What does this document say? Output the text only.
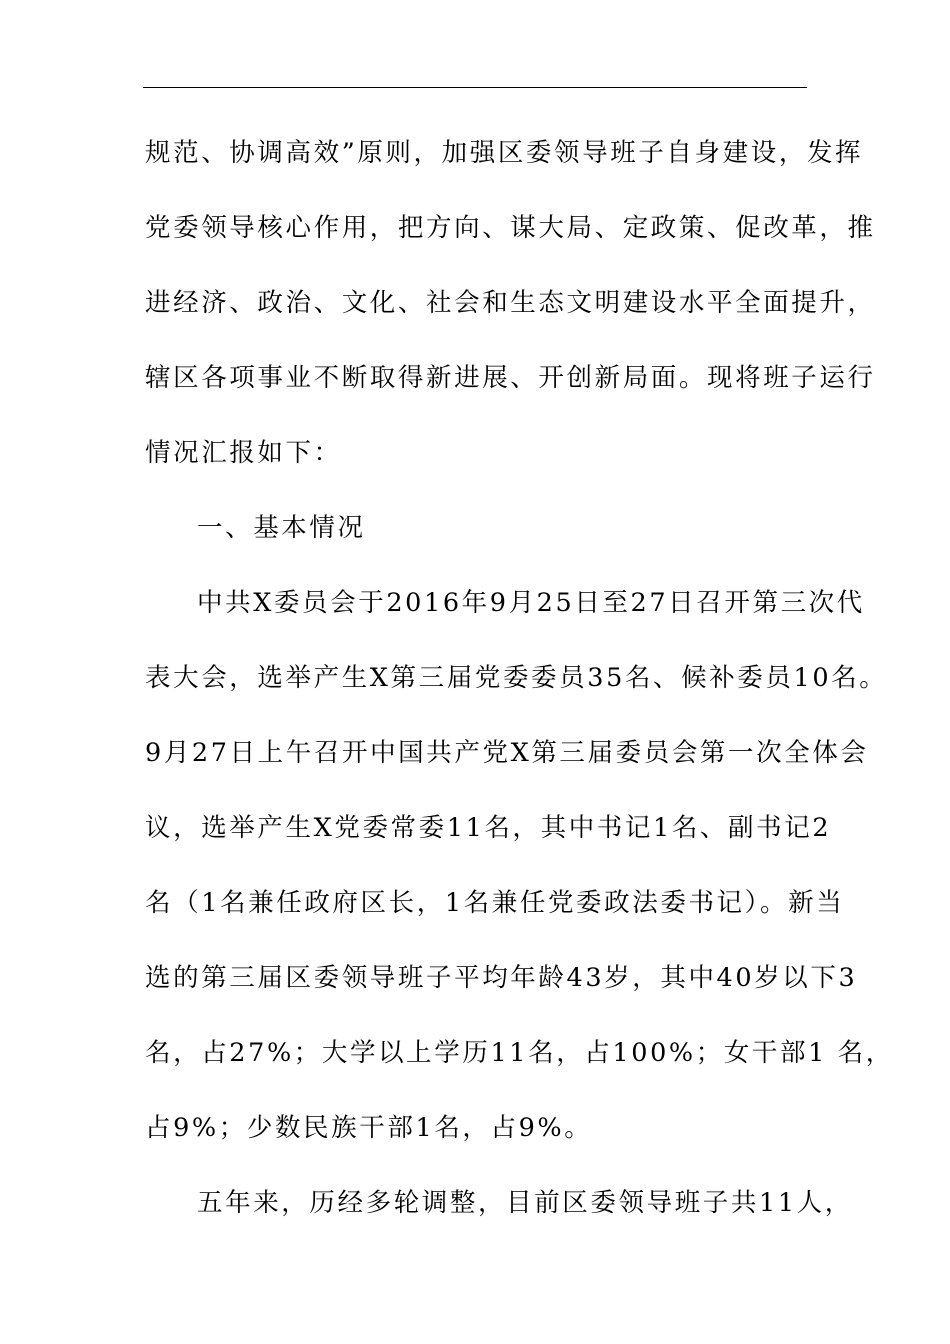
规范、协调高效”原则，加强区委领导班子自身建设，发挥
党委领导核心作用，把方向、谋大局、定政策、促改革，推
进经济、政治、文化、社会和生态文明建设水平全面提升，
辖区各项事业不断取得新进展、开创新局面。现将班子运行
情况汇报如下：
一、基本情况
中共X委员会于2016年9月25日至27日召开第三次代
表大会，选举产生X第三届党委委员35名、候补委员10名。
9月27日上午召开中国共产党X第三届委员会第一次全体会
议，选举产生X党委常委11名，其中书记1名、副书记2
名（1名兼任政府区长，1名兼任党委政法委书记）。新当
选的第三届区委领导班子平均年龄43岁，其中40岁以下3
名，占27%；大学以上学历11名，占100%；女干部1 名，
占9%；少数民族干部1名，占9%。
五年来，历经多轮调整，目前区委领导班子共11人，
